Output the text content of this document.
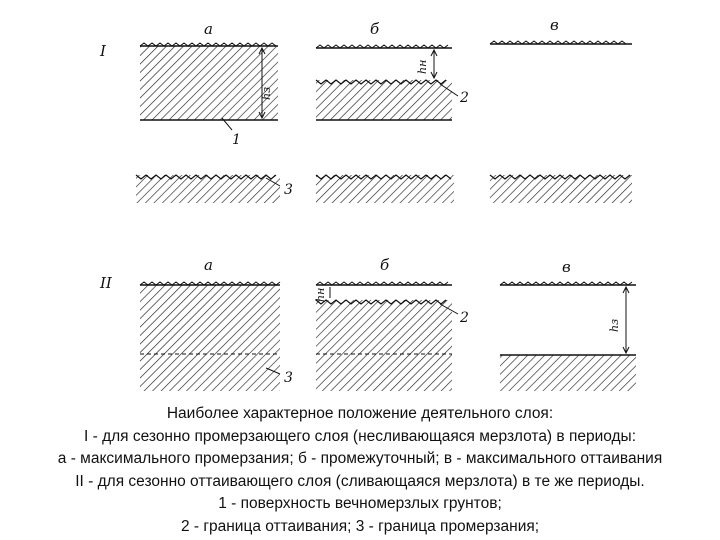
I
II
а	б	в
а	б	в
hз
1
hн
2
3
3
hн
2	hз
Наиболее характерное положение деятельного слоя:
I - для сезонно промерзающего слоя (несливающаяся мерзлота) в периоды:
а - максимального промерзания; б - промежуточный; в - максимального оттаивания
II - для сезонно оттаивающего слоя (сливающаяся мерзлота) в те же периоды.
1 - поверхность вечномерзлых грунтов;
2 - граница оттаивания; 3 - граница промерзания;
